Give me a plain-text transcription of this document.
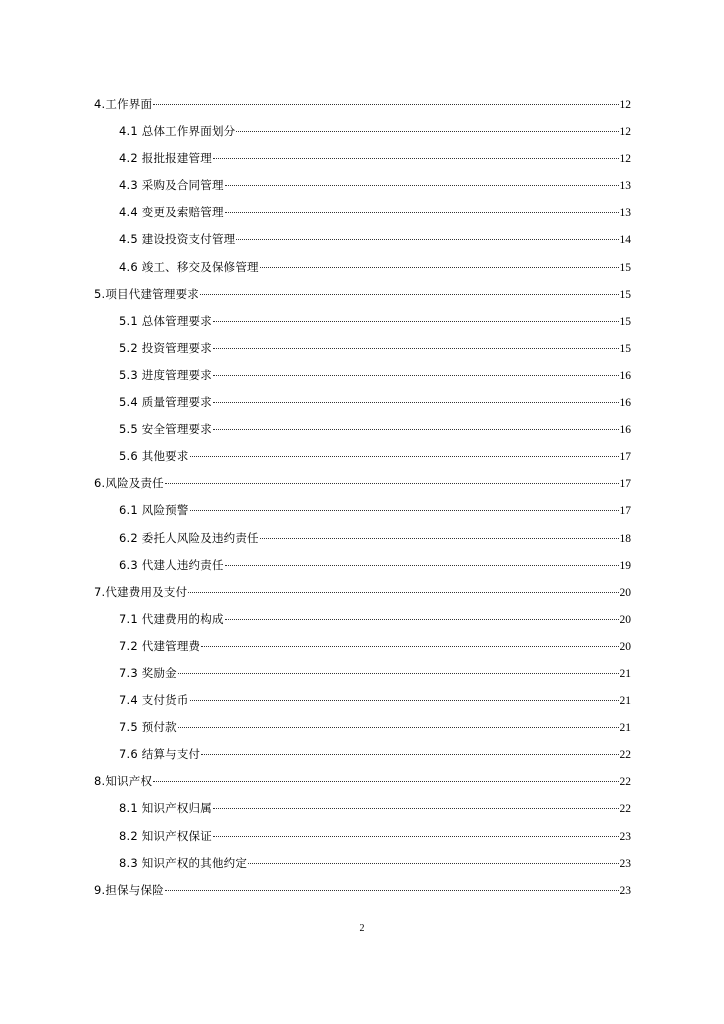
4.工作界面	12
4.1 总体工作界面划分	12
4.2 报批报建管理	12
4.3 采购及合同管理	13
4.4 变更及索赔管理	13
4.5 建设投资支付管理	14
4.6 竣工、移交及保修管理	15
5.项目代建管理要求	15
5.1 总体管理要求	15
5.2 投资管理要求	15
5.3 进度管理要求	16
5.4 质量管理要求	16
5.5 安全管理要求	16
5.6 其他要求	17
6.风险及责任	17
6.1 风险预警	17
6.2 委托人风险及违约责任	18
6.3 代建人违约责任	19
7.代建费用及支付	20
7.1 代建费用的构成	20
7.2 代建管理费	20
7.3 奖励金	21
7.4 支付货币	21
7.5 预付款	21
7.6 结算与支付	22
8.知识产权	22
8.1 知识产权归属	22
8.2 知识产权保证	23
8.3 知识产权的其他约定	23
9.担保与保险	23
2
